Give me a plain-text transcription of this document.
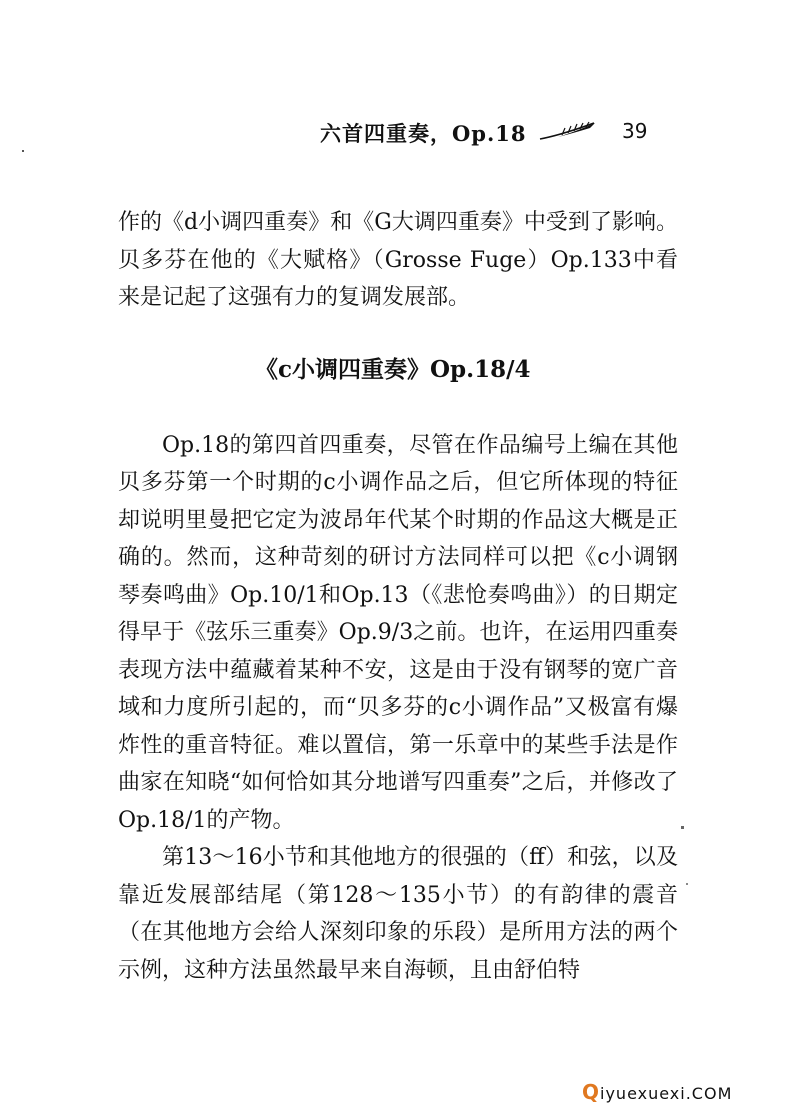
六首四重奏，Op.18	39

作的《d小调四重奏》和《G大调四重奏》中受到了影响。贝多芬在他的《大赋格》（Grosse Fuge）Op.133中看来是记起了这强有力的复调发展部。

《c小调四重奏》Op.18/4

Op.18的第四首四重奏，尽管在作品编号上编在其他贝多芬第一个时期的c小调作品之后，但它所体现的特征却说明里曼把它定为波昂年代某个时期的作品这大概是正确的。然而，这种苛刻的研讨方法同样可以把《c小调钢琴奏鸣曲》Op.10/1和Op.13（《悲怆奏鸣曲》）的日期定得早于《弦乐三重奏》Op.9/3之前。也许，在运用四重奏表现方法中蕴藏着某种不安，这是由于没有钢琴的宽广音域和力度所引起的，而“贝多芬的c小调作品”又极富有爆炸性的重音特征。难以置信，第一乐章中的某些手法是作曲家在知晓“如何恰如其分地谱写四重奏”之后，并修改了Op.18/1的产物。

第13～16小节和其他地方的很强的（ff）和弦，以及靠近发展部结尾（第128～135小节）的有韵律的震音（在其他地方会给人深刻印象的乐段）是所用方法的两个示例，这种方法虽然最早来自海顿，且由舒伯特

Qiyuexuexi.COM
